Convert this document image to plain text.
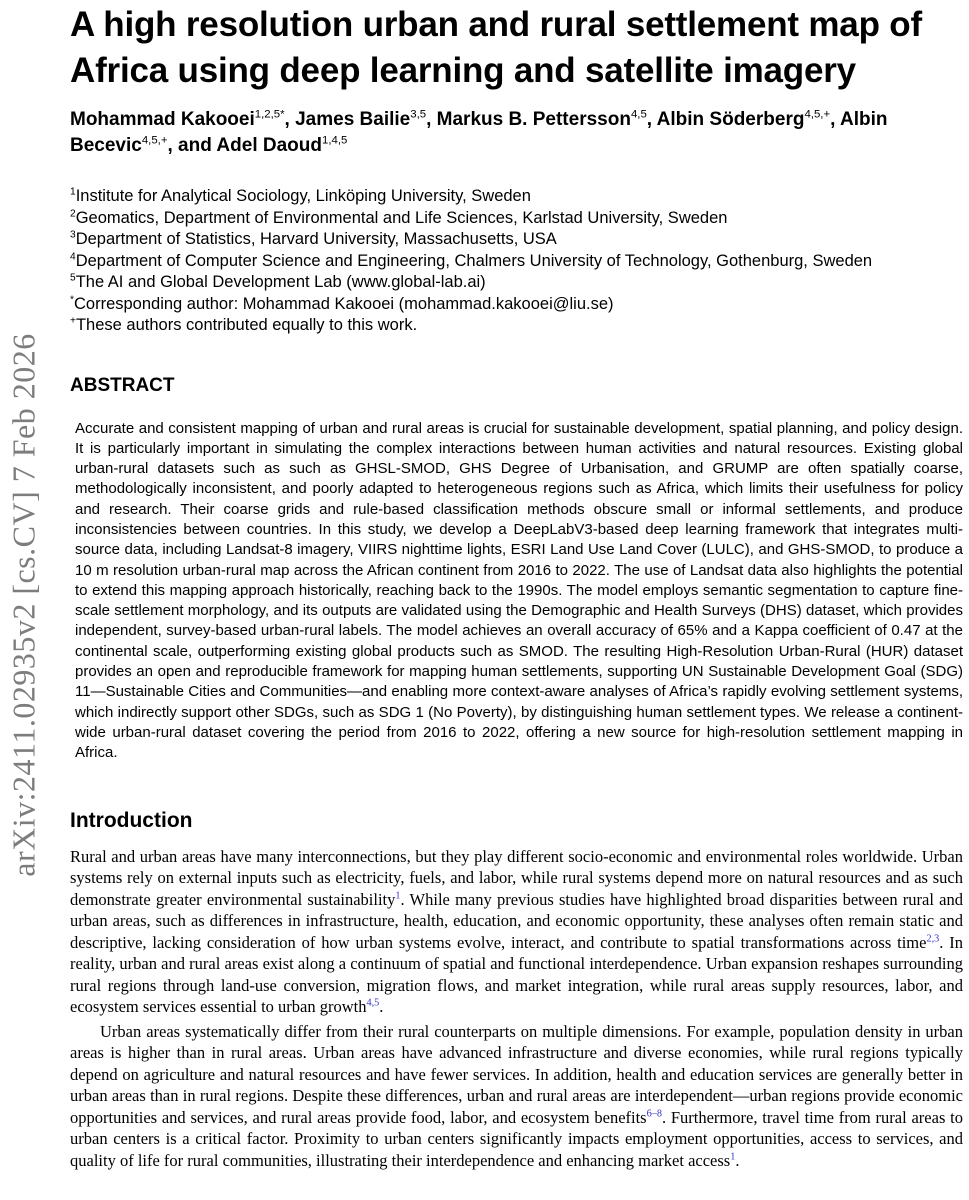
arXiv:2411.02935v2 [cs.CV] 7 Feb 2026
A high resolution urban and rural settlement map of
Africa using deep learning and satellite imagery
Mohammad Kakooei$^{1,2,5*}$, James Bailie$^{3,5}$, Markus B. Pettersson$^{4,5}$, Albin Söderberg$^{4,5,+}$, Albin Becevic$^{4,5,+}$, and Adel Daoud$^{1,4,5}$
$^1$Institute for Analytical Sociology, Linköping University, Sweden
$^2$Geomatics, Department of Environmental and Life Sciences, Karlstad University, Sweden
$^3$Department of Statistics, Harvard University, Massachusetts, USA
$^4$Department of Computer Science and Engineering, Chalmers University of Technology, Gothenburg, Sweden
$^5$The AI and Global Development Lab (www.global-lab.ai)
*Corresponding author: Mohammad Kakooei (mohammad.kakooei@liu.se)
+These authors contributed equally to this work.
ABSTRACT

Accurate and consistent mapping of urban and rural areas is crucial for sustainable development, spatial planning, and policy design. It is particularly important in simulating the complex interactions between human activities and natural resources. Existing global urban-rural datasets such as such as GHSL-SMOD, GHS Degree of Urbanisation, and GRUMP are often spatially coarse, methodologically inconsistent, and poorly adapted to heterogeneous regions such as Africa, which limits their usefulness for policy and research. Their coarse grids and rule-based classification methods obscure small or informal settlements, and produce inconsistencies between countries. In this study, we develop a DeepLabV3-based deep learning framework that integrates multi-source data, including Landsat-8 imagery, VIIRS nighttime lights, ESRI Land Use Land Cover (LULC), and GHS-SMOD, to produce a 10 m resolution urban-rural map across the African continent from 2016 to 2022. The use of Landsat data also highlights the potential to extend this mapping approach historically, reaching back to the 1990s. The model employs semantic segmentation to capture fine-scale settlement morphology, and its outputs are validated using the Demographic and Health Surveys (DHS) dataset, which provides independent, survey-based urban-rural labels. The model achieves an overall accuracy of 65% and a Kappa coefficient of 0.47 at the continental scale, outperforming existing global products such as SMOD. The resulting High-Resolution Urban-Rural (HUR) dataset provides an open and reproducible framework for mapping human settlements, supporting UN Sustainable Development Goal (SDG) 11—Sustainable Cities and Communities—and enabling more context-aware analyses of Africa’s rapidly evolving settlement systems, which indirectly support other SDGs, such as SDG 1 (No Poverty), by distinguishing human settlement types. We release a continent-wide urban-rural dataset covering the period from 2016 to 2022, offering a new source for high-resolution settlement mapping in Africa.

Introduction

Rural and urban areas have many interconnections, but they play different socio-economic and environmental roles worldwide. Urban systems rely on external inputs such as electricity, fuels, and labor, while rural systems depend more on natural resources and as such demonstrate greater environmental sustainability$^1$. While many previous studies have highlighted broad disparities between rural and urban areas, such as differences in infrastructure, health, education, and economic opportunity, these analyses often remain static and descriptive, lacking consideration of how urban systems evolve, interact, and contribute to spatial transformations across time$^{2,3}$. In reality, urban and rural areas exist along a continuum of spatial and functional interdependence. Urban expansion reshapes surrounding rural regions through land-use conversion, migration flows, and market integration, while rural areas supply resources, labor, and ecosystem services essential to urban growth$^{4,5}$.

Urban areas systematically differ from their rural counterparts on multiple dimensions. For example, population density in urban areas is higher than in rural areas. Urban areas have advanced infrastructure and diverse economies, while rural regions typically depend on agriculture and natural resources and have fewer services. In addition, health and education services are generally better in urban areas than in rural regions. Despite these differences, urban and rural areas are interdependent—urban regions provide economic opportunities and services, and rural areas provide food, labor, and ecosystem benefits$^{6-8}$. Furthermore, travel time from rural areas to urban centers is a critical factor. Proximity to urban centers significantly impacts employment opportunities, access to services, and quality of life for rural communities, illustrating their interdependence and enhancing market access$^1$.
